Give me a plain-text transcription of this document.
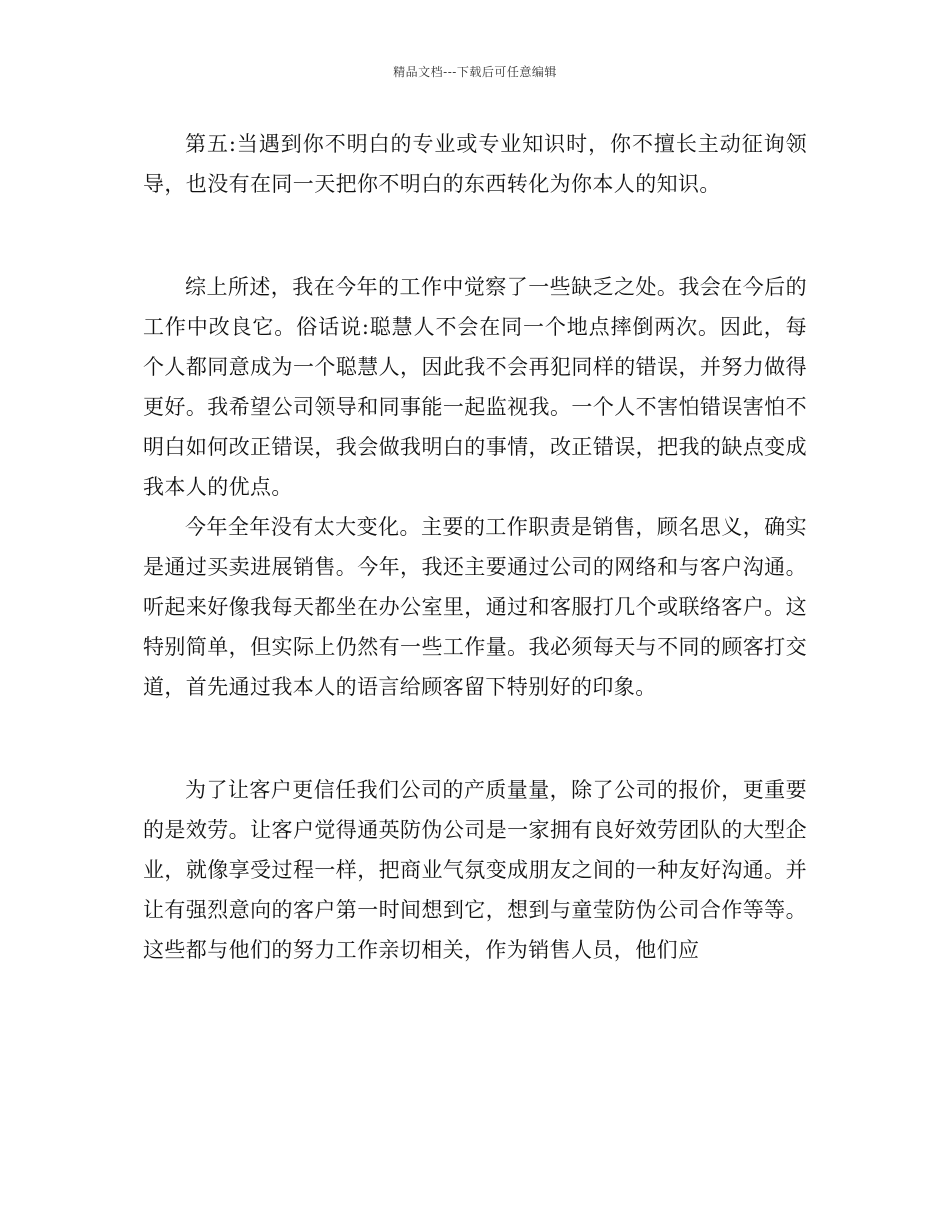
精品文档---下载后可任意编辑

第五:当遇到你不明白的专业或专业知识时，你不擅长主动征询领导，也没有在同一天把你不明白的东西转化为你本人的知识。

综上所述，我在今年的工作中觉察了一些缺乏之处。我会在今后的工作中改良它。俗话说:聪慧人不会在同一个地点摔倒两次。因此，每个人都同意成为一个聪慧人，因此我不会再犯同样的错误，并努力做得更好。我希望公司领导和同事能一起监视我。一个人不害怕错误害怕不明白如何改正错误，我会做我明白的事情，改正错误，把我的缺点变成我本人的优点。

今年全年没有太大变化。主要的工作职责是销售，顾名思义，确实是通过买卖进展销售。今年，我还主要通过公司的网络和与客户沟通。听起来好像我每天都坐在办公室里，通过和客服打几个或联络客户。这特别简单，但实际上仍然有一些工作量。我必须每天与不同的顾客打交道，首先通过我本人的语言给顾客留下特别好的印象。

为了让客户更信任我们公司的产质量量，除了公司的报价，更重要的是效劳。让客户觉得通英防伪公司是一家拥有良好效劳团队的大型企业，就像享受过程一样，把商业气氛变成朋友之间的一种友好沟通。并让有强烈意向的客户第一时间想到它，想到与童莹防伪公司合作等等。这些都与他们的努力工作亲切相关，作为销售人员，他们应
